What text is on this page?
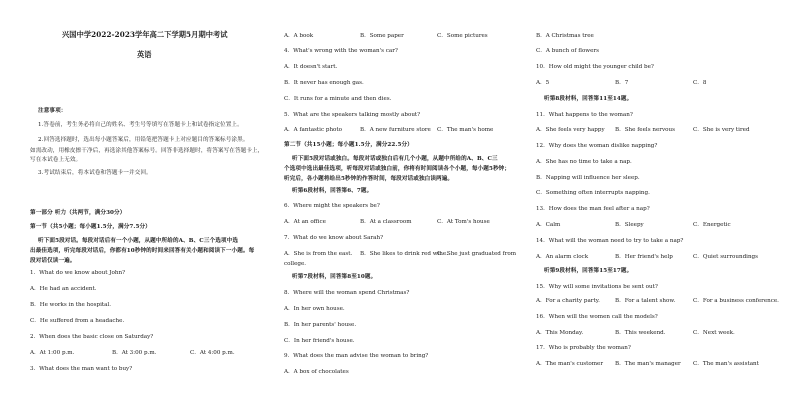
兴国中学2022-2023学年高二下学期5月期中考试
英语
注意事项：
1.答卷前，考生务必将自己的姓名、考生号等填写在答题卡上和试卷指定位置上。
2.回答选择题时，选出每小题答案后，用铅笔把答题卡上对应题目的答案标号涂黑。
如需改动，用橡皮擦干净后，再选涂其他答案标号。回答非选择题时，将答案写在答题卡上，
写在本试卷上无效。
3.考试结束后，将本试卷和答题卡一并交回。
第一部分 听力（共两节，满分30分）
第一节（共5小题；每小题1.5分，满分7.5分）
听下面5段对话。每段对话后有一个小题，从题中所给的A、B、C三个选项中选
出最佳选项，听完每段对话后，你都有10秒钟的时间来回答有关小题和阅读下一小题。每
段对话仅读一遍。
1．What do we know about John?
A．He had an accident.
B．He works in the hospital.
C．He suffered from a headache.
2．When does the basic close on Saturday?
A．At 1:00 p.m.	B．At 3:00 p.m.	C．At 4:00 p.m.
3．What does the man want to buy?
A．A book	B．Some paper	C．Some pictures
4．What's wrong with the woman's car?
A．It doesn't start.
B．It never has enough gas.
C．It runs for a minute and then dies.
5．What are the speakers talking mostly about?
A．A fantastic photo	B．A new furniture store C．The man's home
第二节（共15小题；每小题1.5分，满分22.5分）
听下面5段对话或独白。每段对话或独白后有几个小题，从题中所给的A、B、C三
个选项中选出最佳选项，听每段对话或独白前，你将有时间阅读各个小题，每小题5秒钟；
听完后，各小题将给出5秒钟的作答时间，每段对话或独白读两遍。
听第6段材料，回答第6、7题。
6．Where might the speakers be?
A．At an office	B．At a classroom	C．At Tom's house
7．What do we know about Sarah?
A．She is from the east. B．She likes to drink red wine.
C．She just graduated from
college.
听第7段材料，回答第8至10题。
8．Where will the woman spend Christmas?
A．In her own house.
B．In her parents' house.
C．In her friend's house.
9．What does the man advise the woman to bring?
A．A box of chocolates
B．A Christmas tree
C．A bunch of flowers
10．How old might the younger child be?
A．5	B．7	C．8
听第8段材料，回答第11至14题。
11．What happens to the woman?
A．She feels very happy B．She feels nervous	C．She is very tired
12．Why does the woman dislike napping?
A．She has no time to take a nap.
B．Napping will influence her sleep.
C．Something often interrupts napping.
13．How does the man feel after a nap?
A．Calm	B．Sleepy	C．Energetic
14．What will the woman need to try to take a nap?
A．An alarm clock	B．Her friend's help	C．Quiet surroundings
听第9段材料，回答第15至17题。
15．Why will some invitations be sent out?
A．For a charity party.	B．For a talent show.	C．For a business conference.
16．When will the women call the models?
A．This Monday.	B．This weekend.	C．Next week.
17．Who is probably the woman?
A．The man's customer B．The man's manager C．The man's assistant
